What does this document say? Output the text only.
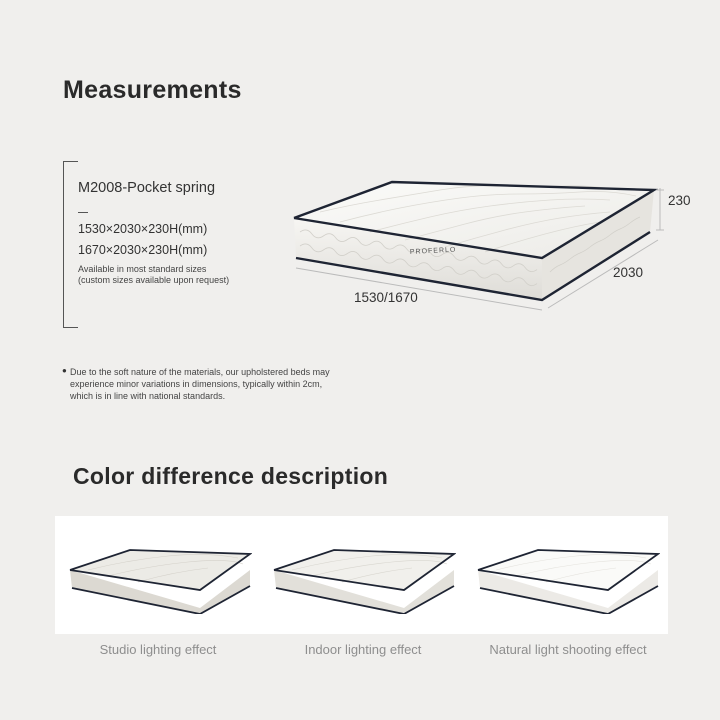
Measurements
M2008-Pocket spring
1530×2030×230H(mm)
1670×2030×230H(mm)
Available in most standard sizes
(custom sizes available upon request)
● Due to the soft nature of the materials, our upholstered beds may experience minor variations in dimensions, typically within 2cm, which is in line with national standards.
PROFERLO
230
2030
1530/1670
Color difference description
Studio lighting effect	Indoor lighting effect	Natural light shooting effect
